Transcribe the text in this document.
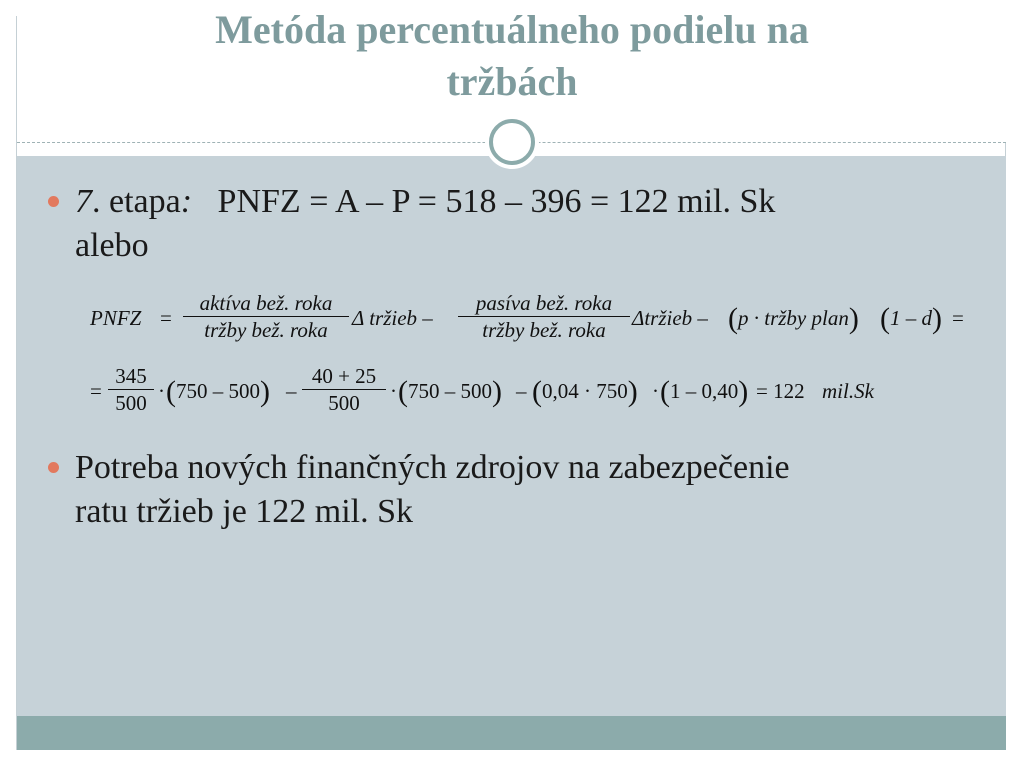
Metóda percentuálneho podielu na
tržbách
7. etapa:   PNFZ = A – P = 518 – 396 = 122 mil. Sk
alebo
PNFZ =
aktíva bež. roka
tržby bež. roka	Δ tržieb –
pasíva bež. roka
tržby bež. roka	Δtržieb – (p · tržby plan) (1 – d) =
=
345
500 · (750 – 500) –
40 + 25
500	· (750 – 500) – (0,04 · 750) · (1 – 0,40) = 122 mil.Sk
Potreba nových finančných zdrojov na zabezpečenie
ratu tržieb je 122 mil. Sk
